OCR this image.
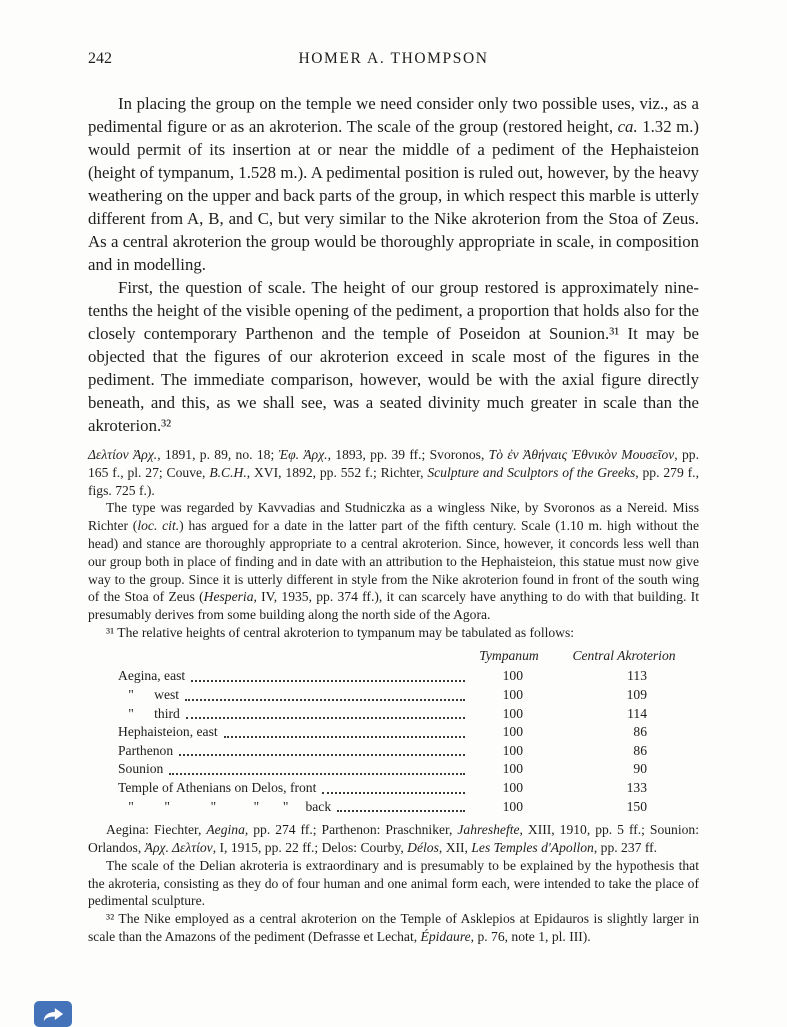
242	HOMER A. THOMPSON

In placing the group on the temple we need consider only two possible uses, viz., as a pedimental figure or as an akroterion. The scale of the group (restored height, ca. 1.32 m.) would permit of its insertion at or near the middle of a pediment of the Hephaisteion (height of tympanum, 1.528 m.). A pedimental position is ruled out, however, by the heavy weathering on the upper and back parts of the group, in which respect this marble is utterly different from A, B, and C, but very similar to the Nike akroterion from the Stoa of Zeus. As a central akroterion the group would be thoroughly appropriate in scale, in composition and in modelling.

First, the question of scale. The height of our group restored is approximately nine-tenths the height of the visible opening of the pediment, a proportion that holds also for the closely contemporary Parthenon and the temple of Poseidon at Sounion.³¹ It may be objected that the figures of our akroterion exceed in scale most of the figures in the pediment. The immediate comparison, however, would be with the axial figure directly beneath, and this, as we shall see, was a seated divinity much greater in scale than the akroterion.³²

Δελτίον Ἀρχ., 1891, p. 89, no. 18; Ἐφ. Ἀρχ., 1893, pp. 39 ff.; Svoronos, Τὸ ἐν Ἀθήναις Ἐθνικὸν Μουσεῖον, pp. 165 f., pl. 27; Couve, B.C.H., XVI, 1892, pp. 552 f.; Richter, Sculpture and Sculptors of the Greeks, pp. 279 f., figs. 725 f.).

The type was regarded by Kavvadias and Studniczka as a wingless Nike, by Svoronos as a Nereid. Miss Richter (loc. cit.) has argued for a date in the latter part of the fifth century. Scale (1.10 m. high without the head) and stance are thoroughly appropriate to a central akroterion. Since, however, it concords less well than our group both in place of finding and in date with an attribution to the Hephaisteion, this statue must now give way to the group. Since it is utterly different in style from the Nike akroterion found in front of the south wing of the Stoa of Zeus (Hesperia, IV, 1935, pp. 374 ff.), it can scarcely have anything to do with that building. It presumably derives from some building along the north side of the Agora.

³¹ The relative heights of central akroterion to tympanum may be tabulated as follows:

Tympanum	Central Akroterion
Aegina, east	100	113
"      west	100	109
"      third	100	114
Hephaisteion, east	100	86
Parthenon	100	86
Sounion	100	90
Temple of Athenians on Delos, front	100	133
"         "            "           "       "     back	100	150

Aegina: Fiechter, Aegina, pp. 274 ff.; Parthenon: Praschniker, Jahreshefte, XIII, 1910, pp. 5 ff.; Sounion: Orlandos, Ἀρχ. Δελτίον, I, 1915, pp. 22 ff.; Delos: Courby, Délos, XII, Les Temples d'Apollon, pp. 237 ff.

The scale of the Delian akroteria is extraordinary and is presumably to be explained by the hypothesis that the akroteria, consisting as they do of four human and one animal form each, were intended to take the place of pedimental sculpture.

³² The Nike employed as a central akroterion on the Temple of Asklepios at Epidauros is slightly larger in scale than the Amazons of the pediment (Defrasse et Lechat, Épidaure, p. 76, note 1, pl. III).
